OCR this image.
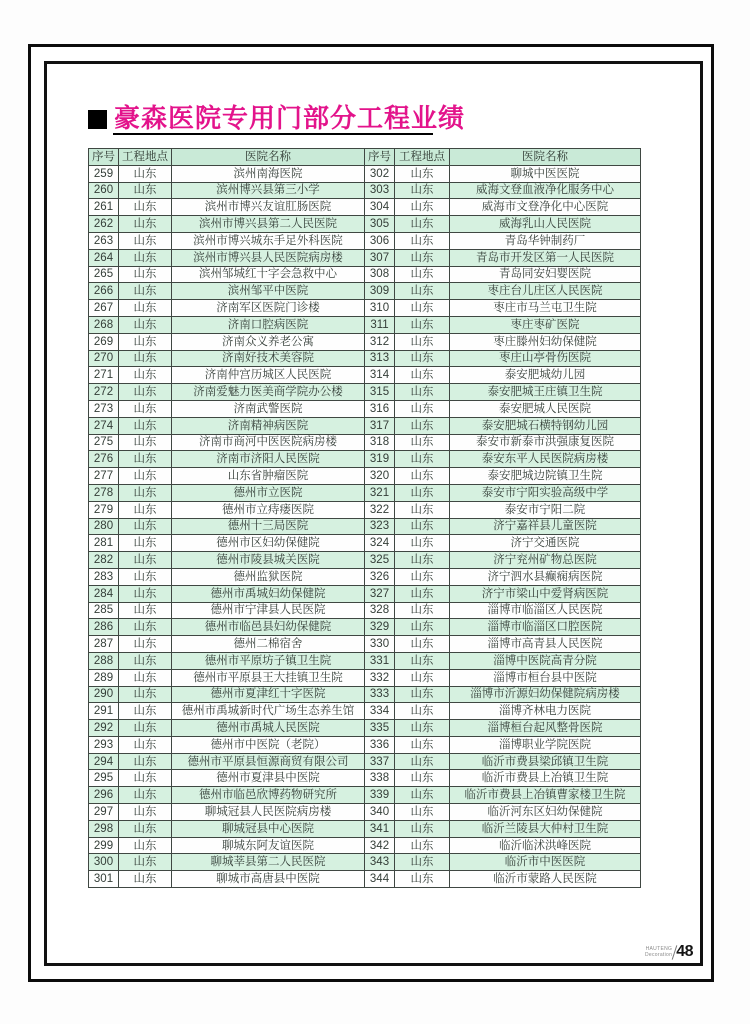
豪森医院专用门部分工程业绩
序号	工程地点	医院名称	序号	工程地点	医院名称
259	山东	滨州南海医院	302	山东	聊城中医医院
260	山东	滨州博兴县第三小学	303	山东	威海文登血液净化服务中心
261	山东	滨州市博兴友谊肛肠医院	304	山东	威海市文登净化中心医院
262	山东	滨州市博兴县第二人民医院	305	山东	威海乳山人民医院
263	山东	滨州市博兴城东手足外科医院	306	山东	青岛华钟制药厂
264	山东	滨州市博兴县人民医院病房楼	307	山东	青岛市开发区第一人民医院
265	山东	滨州邹城红十字会急救中心	308	山东	青岛同安妇婴医院
266	山东	滨州邹平中医院	309	山东	枣庄台儿庄区人民医院
267	山东	济南军区医院门诊楼	310	山东	枣庄市马兰屯卫生院
268	山东	济南口腔病医院	311	山东	枣庄枣矿医院
269	山东	济南众义养老公寓	312	山东	枣庄滕州妇幼保健院
270	山东	济南好技术美容院	313	山东	枣庄山亭骨伤医院
271	山东	济南仲宫历城区人民医院	314	山东	泰安肥城幼儿园
272	山东	济南爱魅力医美商学院办公楼	315	山东	泰安肥城王庄镇卫生院
273	山东	济南武警医院	316	山东	泰安肥城人民医院
274	山东	济南精神病医院	317	山东	泰安肥城石横特钢幼儿园
275	山东	济南市商河中医医院病房楼	318	山东	泰安市新泰市洪强康复医院
276	山东	济南市济阳人民医院	319	山东	泰安东平人民医院病房楼
277	山东	山东省肿瘤医院	320	山东	泰安肥城边院镇卫生院
278	山东	德州市立医院	321	山东	泰安市宁阳实验高级中学
279	山东	德州市立痔瘘医院	322	山东	泰安市宁阳二院
280	山东	德州十三局医院	323	山东	济宁嘉祥县儿童医院
281	山东	德州市区妇幼保健院	324	山东	济宁交通医院
282	山东	德州市陵县城关医院	325	山东	济宁兖州矿物总医院
283	山东	德州监狱医院	326	山东	济宁泗水县癫痫病医院
284	山东	德州市禹城妇幼保健院	327	山东	济宁市梁山中爱肾病医院
285	山东	德州市宁津县人民医院	328	山东	淄博市临淄区人民医院
286	山东	德州市临邑县妇幼保健院	329	山东	淄博市临淄区口腔医院
287	山东	德州二棉宿舍	330	山东	淄博市高青县人民医院
288	山东	德州市平原坊子镇卫生院	331	山东	淄博中医院高青分院
289	山东	德州市平原县王大挂镇卫生院	332	山东	淄博市桓台县中医院
290	山东	德州市夏津红十字医院	333	山东	淄博市沂源妇幼保健院病房楼
291	山东	德州市禹城新时代广场生态养生馆	334	山东	淄博齐林电力医院
292	山东	德州市禹城人民医院	335	山东	淄博桓台起风整骨医院
293	山东	德州市中医院（老院）	336	山东	淄博职业学院医院
294	山东	德州市平原县恒源商贸有限公司	337	山东	临沂市费县梁邱镇卫生院
295	山东	德州市夏津县中医院	338	山东	临沂市费县上冶镇卫生院
296	山东	德州市临邑欣博药物研究所	339	山东	临沂市费县上冶镇曹家楼卫生院
297	山东	聊城冠县人民医院病房楼	340	山东	临沂河东区妇幼保健院
298	山东	聊城冠县中心医院	341	山东	临沂兰陵县大仲村卫生院
299	山东	聊城东阿友谊医院	342	山东	临沂临沭洪峰医院
300	山东	聊城莘县第二人民医院	343	山东	临沂市中医医院
301	山东	聊城市高唐县中医院	344	山东	临沂市蒙路人民医院
HAUTENG
Decoration 48
